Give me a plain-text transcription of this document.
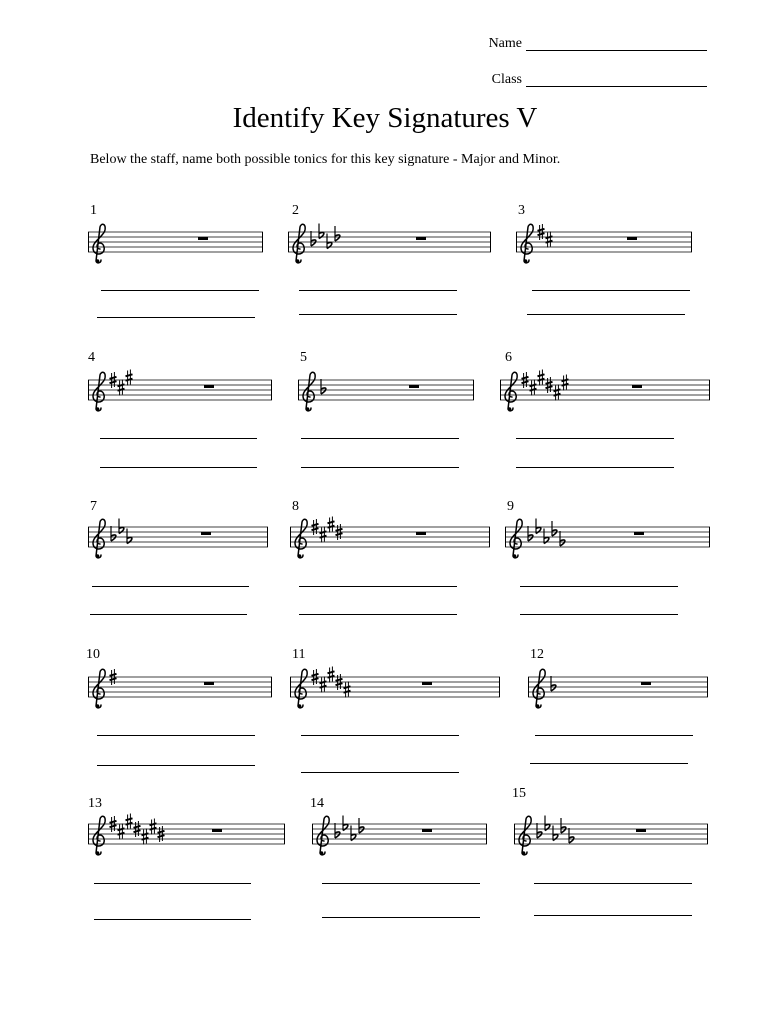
Name
Class
Identify Key Signatures V
Below the staff, name both possible tonics for this key signature - Major and Minor.
1	2	3
4	5	6
7	8	9
10	11	12
13	14
15
